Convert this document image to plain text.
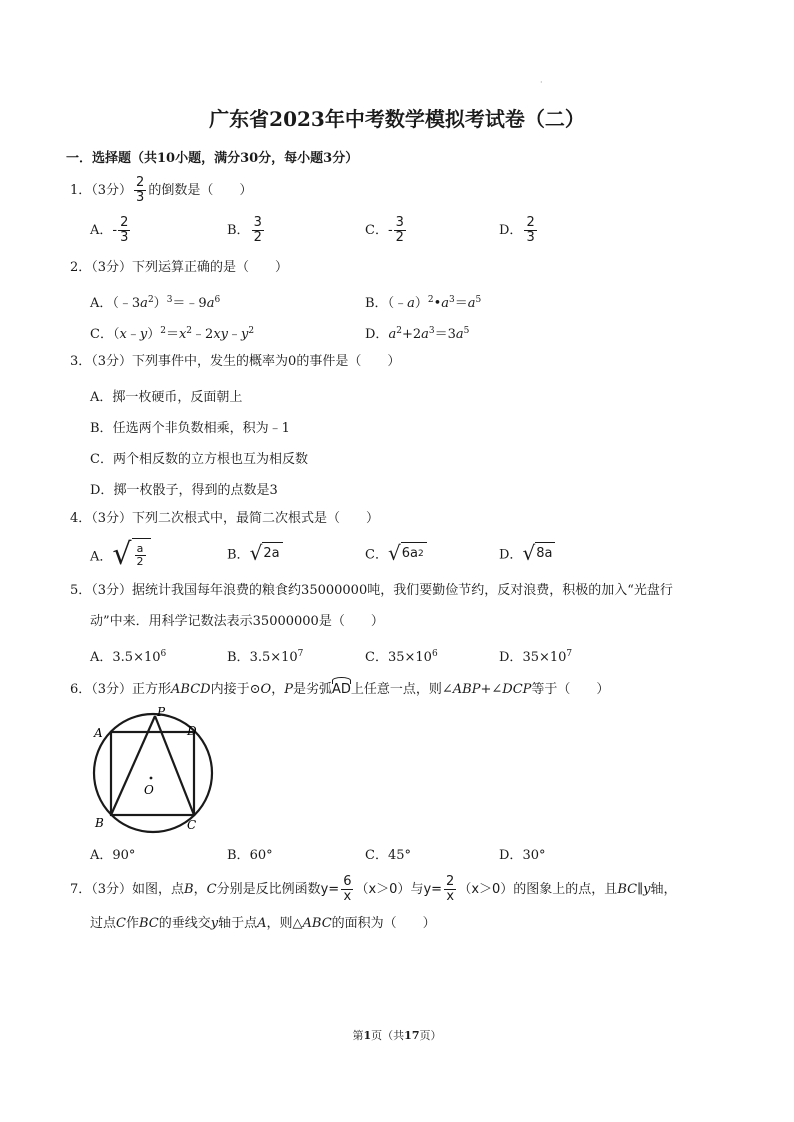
·
广东省2023年中考数学模拟考试卷（二）
一．选择题（共10小题，满分30分，每小题3分）
1．（3分） $\frac{2}{3}$ 的倒数是（　　）
A．- $\frac{2}{3}$	B． $\frac{3}{2}$	C．- $\frac{3}{2}$	D． $\frac{2}{3}$
2．（3分）下列运算正确的是（　　）
A．$(﹣3a^2)^3=﹣9a^6$	B．$(﹣a)^2•a^3=a^5$
C．$(x﹣y)^2=x^2﹣2xy﹣y^2$	D．$a^2+2a^3=3a^5$
3．（3分）下列事件中，发生的概率为0的事件是（　　）
A．掷一枚硬币，反面朝上
B．任选两个非负数相乘，积为﹣1
C．两个相反数的立方根也互为相反数
D．掷一枚骰子，得到的点数是3
4．（3分）下列二次根式中，最简二次根式是（　　）
A． √ $\frac{a}{2}$	B． √ 2a	C． √ 6a 2	D． √ 8a
5．（3分）据统计我国每年浪费的粮食约35000000吨，我们要勤俭节约，反对浪费，积极的加入“光盘行
动”中来．用科学记数法表示35000000是（　　）
A．$3.5\times 10^6$	B．$3.5\times 10^7$	C．$35\times 10^6$	D．$35\times 10^7$
6．（3分）正方形ABCD内接于⊙O，P是劣弧AD上任意一点，则∠ABP+∠DCP等于（　　）
A
B	C
D
P
O
A．90°	B．60°	C．45°	D．30°
7．（3分）如图，点B，C分别是反比例函数$y= \frac{6}{x} (x>0)$与$y= \frac{2}{x} (x>0)$的图象上的点，且BC∥y轴，
过点C作BC的垂线交y轴于点A，则△ABC的面积为（　　）
第1页（共17页）
